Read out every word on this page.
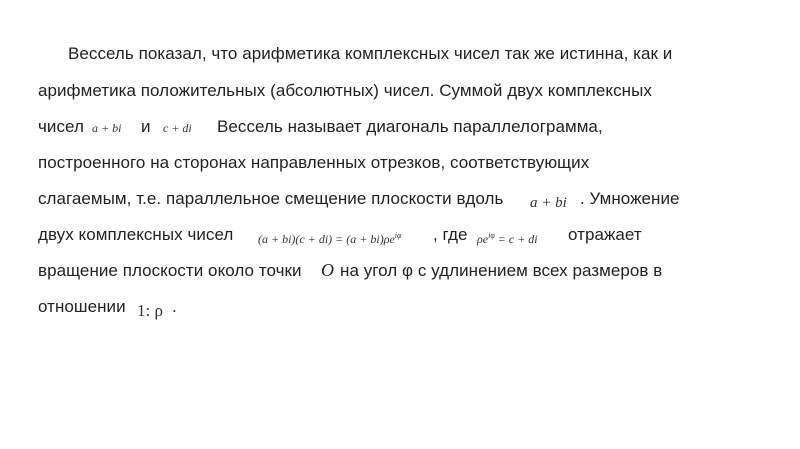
Вессель показал, что арифметика комплексных чисел так же истинна, как и
арифметика положительных (абсолютных) чисел. Суммой двух комплексных
чисел a + bi и c + di Вессель называет диагональ параллелограмма,
построенного на сторонах направленных отрезков, соответствующих
слагаемым, т.е. параллельное смещение плоскости вдоль a + bi . Умножение
двух комплексных чисел $(a + bi)(c + di) = (a + bi)\rho e^{i\varphi}$ , где $\rho e^{i\varphi} = c$ + di отражает
вращение плоскости около точки O на угол φ с удлинением всех размеров в
отношении 1: ρ .
